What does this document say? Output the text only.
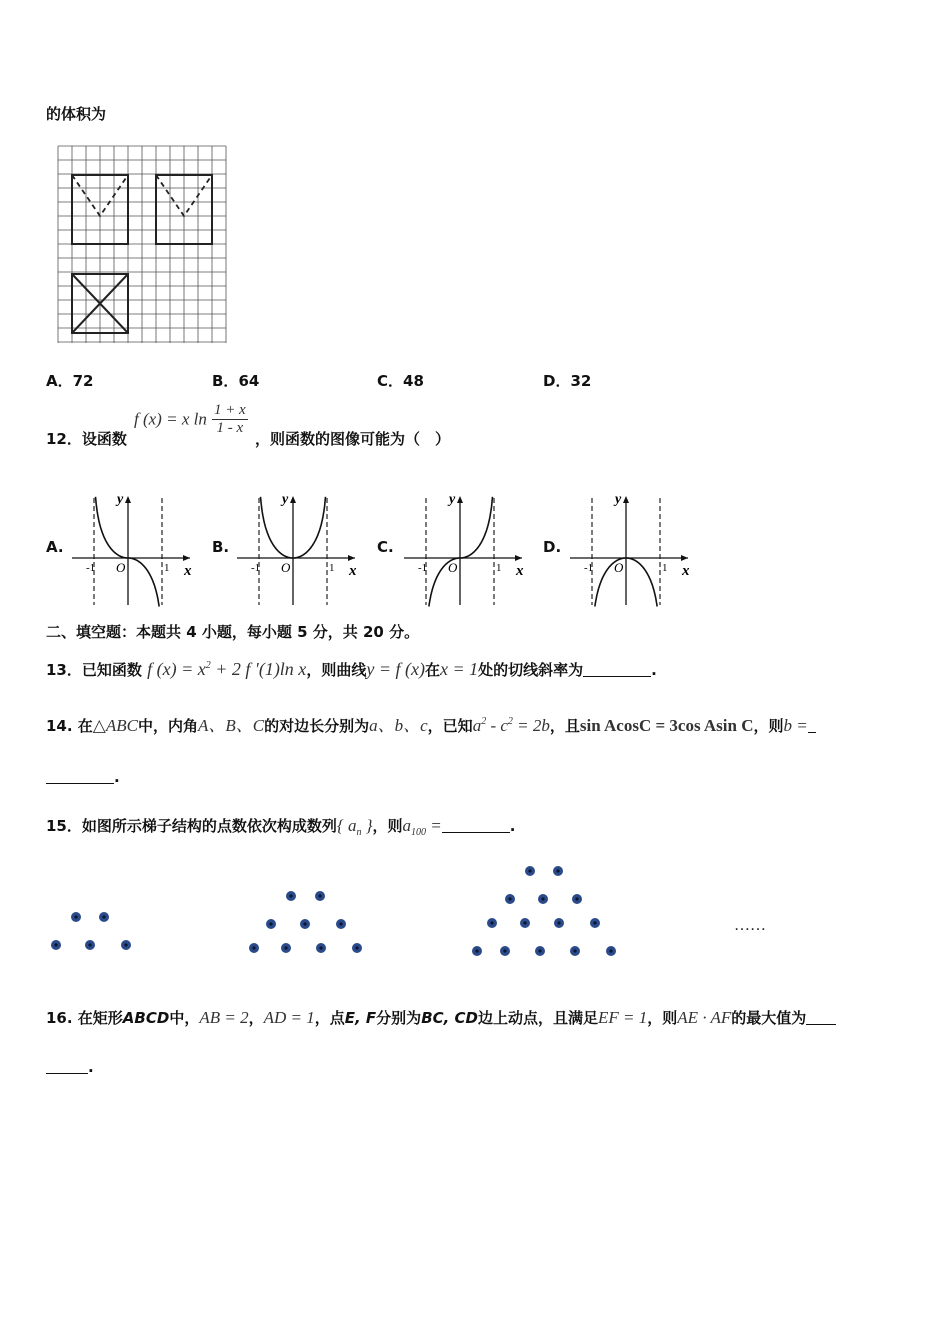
的体积为
A．72	B．64	C．48	D．32
12．设函数
f (x) = x $\ln \frac{1 + x}{1 - x}$
，则函数的图像可能为（　）
A.	B.	C.	D.
y
x
O
-1	1
y
x
O
-1	1
y
x
O
-1	1
y
x
O
-1	1
二、填空题：本题共 4 小题，每小题 5 分，共 20 分。
13．已知函数 f $(x) = x^2 + 2$ f ′(1)ln x，则曲线y = f (x)在x = 1处的切线斜率为	.
14. 在△ABC中，内角A、B、C的对边长分别为a、b、c，已知$a^2 - c^2 = 2b$，且sin AcosC = 3cos Asin C，则b =
.
15．如图所示梯子结构的点数依次构成数列{ $a_n$ }，则$a_{100}$ =	.
……
16. 在矩形ABCD中，AB = 2，AD = 1，点E, F分别为BC, CD边上动点，且满足EF = 1，则AE · AF的最大值为
.
